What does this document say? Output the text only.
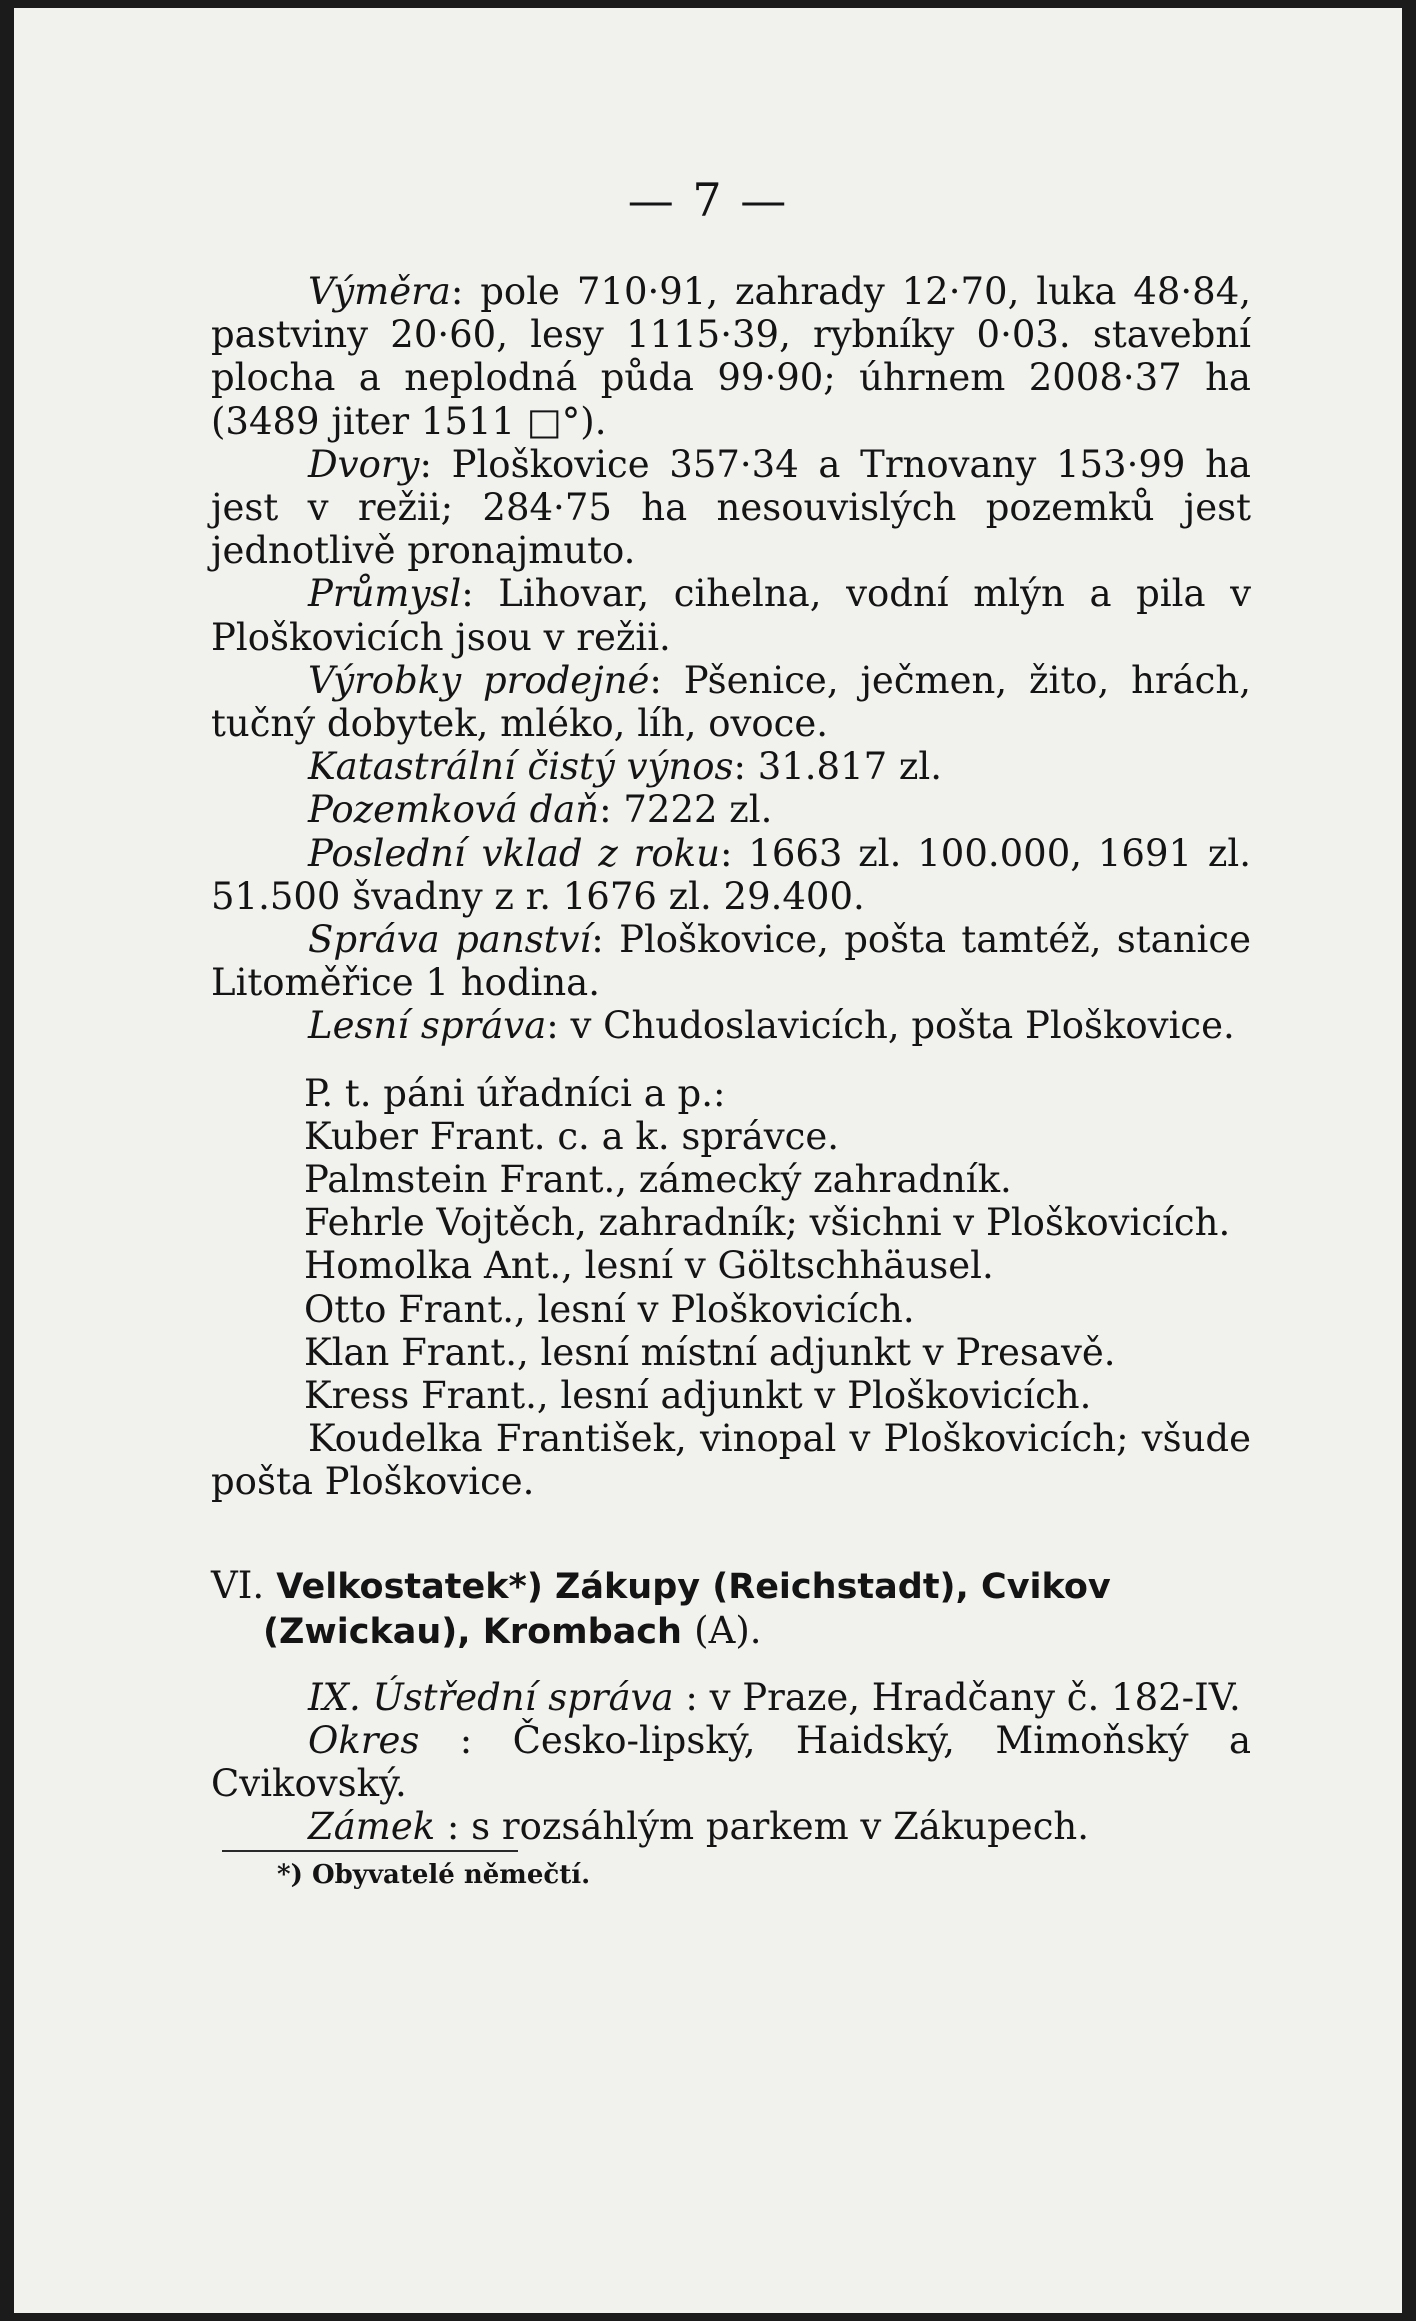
— 7 —

Výměra: pole 710·91, zahrady 12·70, luka 48·84, pastviny 20·60, lesy 1115·39, rybníky 0·03. stavební plocha a neplodná půda 99·90; úhrnem 2008·37 ha (3489 jiter 1511 □°).

Dvory: Ploškovice 357·34 a Trnovany 153·99 ha jest v režii; 284·75 ha nesouvislých pozemků jest jednotlivě pronajmuto.

Průmysl: Lihovar, cihelna, vodní mlýn a pila v Ploškovicích jsou v režii.

Výrobky prodejné: Pšenice, ječmen, žito, hrách, tučný dobytek, mléko, líh, ovoce.

Katastrální čistý výnos: 31.817 zl.

Pozemková daň: 7222 zl.

Poslední vklad z roku: 1663 zl. 100.000, 1691 zl. 51.500 švadny z r. 1676 zl. 29.400.

Správa panství: Ploškovice, pošta tamtéž, stanice Litoměřice 1 hodina.

Lesní správa: v Chudoslavicích, pošta Ploškovice.

P. t. páni úřadníci a p.:

Kuber Frant. c. a k. správce.

Palmstein Frant., zámecký zahradník.

Fehrle Vojtěch, zahradník; všichni v Ploškovicích.

Homolka Ant., lesní v Göltschhäusel.

Otto Frant., lesní v Ploškovicích.

Klan Frant., lesní místní adjunkt v Presavě.

Kress Frant., lesní adjunkt v Ploškovicích.

Koudelka František, vinopal v Ploškovicích; všude pošta Ploškovice.

VI. Velkostatek*) Zákupy (Reichstadt), Cvikov (Zwickau), Krombach (A).

IX. Ústřední správa : v Praze, Hradčany č. 182-IV.

Okres : Česko-lipský, Haidský, Mimoňský a Cvikovský.

Zámek : s rozsáhlým parkem v Zákupech.

*) Obyvatelé němečtí.
